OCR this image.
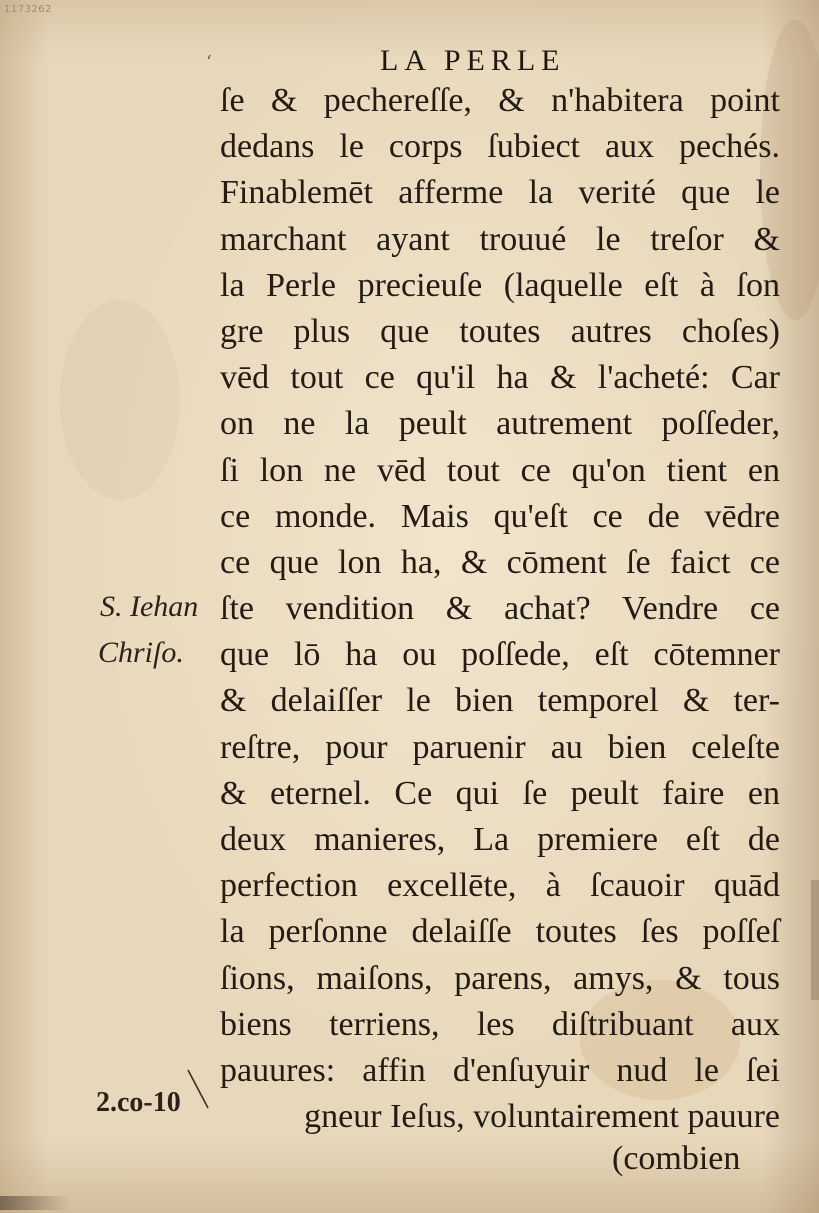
1173262
‘	LA PERLE
ſe & pechereſſe, & n'habitera point
dedans le corps ſubiect aux pechés.
Finablemēt afferme la verité que le
marchant ayant trouué le treſor &
la Perle precieuſe (laquelle eſt à ſon
gre plus que toutes autres choſes)
vēd tout ce qu'il ha & l'acheté: Car
on ne la peult autrement poſſeder,
ſi lon ne vēd tout ce qu'on tient en
ce monde. Mais qu'eſt ce de vēdre
ce que lon ha, & cōment ſe faict ce
ſte vendition & achat? Vendre ce
que lō ha ou poſſede, eſt cōtemner
& delaiſſer le bien temporel & ter-
reſtre, pour paruenir au bien celeſte
& eternel. Ce qui ſe peult faire en
deux manieres, La premiere eſt de
perfection excellēte, à ſcauoir quād
la perſonne delaiſſe toutes ſes poſſeſ
ſions, maiſons, parens, amys, & tous
biens terriens, les diſtribuant aux
pauures: affin d'enſuyuir nud le ſei
gneur Ieſus, voluntairement pauure
S. Iehan
Chriſo.
2.co-10
(combien
